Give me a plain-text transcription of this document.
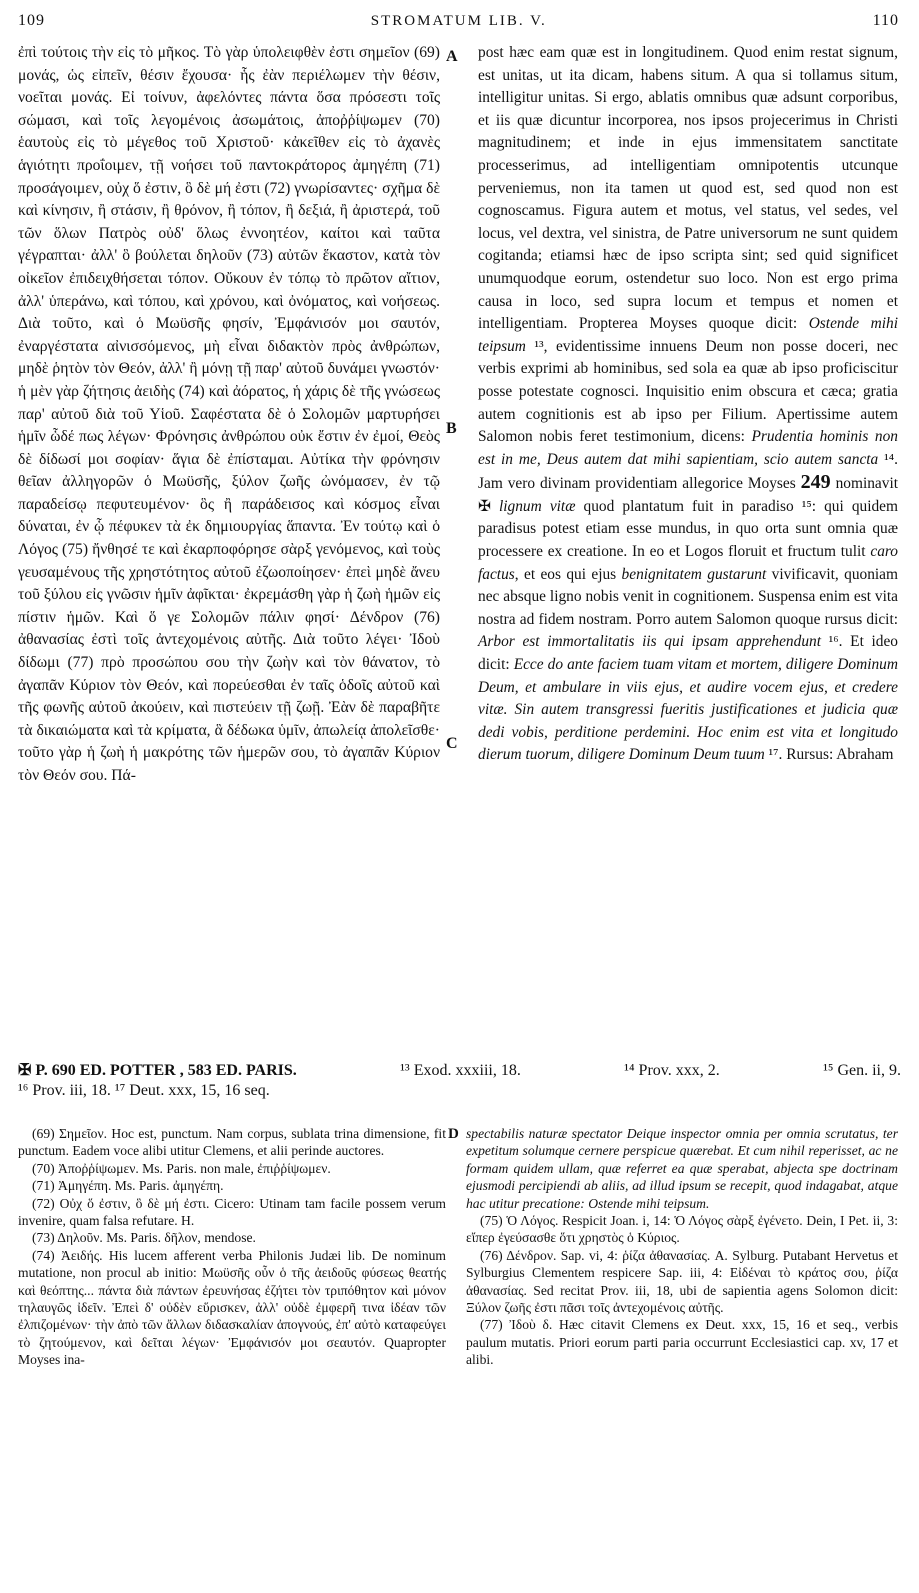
109	STROMATUM LIB. V.	110

ἐπὶ τούτοις τὴν εἰς τὸ μῆκος. Τὸ γὰρ ὑπολειφθὲν ἐστι σημεῖον (69) μονάς, ὡς εἰπεῖν, θέσιν ἔχουσα· ἧς ἐὰν περιέλωμεν τὴν θέσιν, νοεῖται μονάς. Εἰ τοίνυν, ἀφελόντες πάντα ὅσα πρόσεστι τοῖς σώμασι, καὶ τοῖς λεγομένοις ἀσωμάτοις, ἀποῤῥίψωμεν (70) ἑαυτοὺς εἰς τὸ μέγεθος τοῦ Χριστοῦ· κἀκεῖθεν εἰς τὸ ἀχανὲς ἁγιότητι προΐοιμεν, τῇ νοήσει τοῦ παντοκράτορος ἀμηγέπη (71) προσάγοιμεν, οὐχ ὅ ἐστιν, ὃ δὲ μή ἐστι (72) γνωρίσαντες· σχῆμα δὲ καὶ κίνησιν, ἢ στάσιν, ἢ θρόνον, ἢ τόπον, ἢ δεξιά, ἢ ἀριστερά, τοῦ τῶν ὅλων Πατρὸς οὐδ' ὅλως ἐννοητέον, καίτοι καὶ ταῦτα γέγραπται· ἀλλ' ὃ βούλεται δηλοῦν (73) αὐτῶν ἕκαστον, κατὰ τὸν οἰκεῖον ἐπιδειχθήσεται τόπον. Οὔκουν ἐν τόπῳ τὸ πρῶτον αἴτιον, ἀλλ' ὑπεράνω, καὶ τόπου, καὶ χρόνου, καὶ ὀνόματος, καὶ νοήσεως. Διὰ τοῦτο, καὶ ὁ Μωϋσῆς φησίν, Ἐμφάνισόν μοι σαυτόν, ἐναργέστατα αἰνισσόμενος, μὴ εἶναι διδακτὸν πρὸς ἀνθρώπων, μηδὲ ῥητὸν τὸν Θεόν, ἀλλ' ἢ μόνῃ τῇ παρ' αὐτοῦ δυνάμει γνωστόν· ἡ μὲν γὰρ ζήτησις ἀειδὴς (74) καὶ ἀόρατος, ἡ χάρις δὲ τῆς γνώσεως παρ' αὐτοῦ διὰ τοῦ Υἱοῦ. Σαφέστατα δὲ ὁ Σολομῶν μαρτυρήσει ἡμῖν ὧδέ πως λέγων· Φρόνησις ἀνθρώπου οὐκ ἔστιν ἐν ἐμοί, Θεὸς δὲ δίδωσί μοι σοφίαν· ἅγια δὲ ἐπίσταμαι. Αὐτίκα τὴν φρόνησιν θεῖαν ἀλληγορῶν ὁ Μωϋσῆς, ξύλον ζωῆς ὠνόμασεν, ἐν τῷ παραδείσῳ πεφυτευμένον· ὃς ἢ παράδεισος καὶ κόσμος εἶναι δύναται, ἐν ᾧ πέφυκεν τὰ ἐκ δημιουργίας ἅπαντα. Ἐν τούτῳ καὶ ὁ Λόγος (75) ἤνθησέ τε καὶ ἐκαρποφόρησε σὰρξ γενόμενος, καὶ τοὺς γευσαμένους τῆς χρηστότητος αὐτοῦ ἐζωοποίησεν· ἐπεὶ μηδὲ ἄνευ τοῦ ξύλου εἰς γνῶσιν ἡμῖν ἀφῖκται· ἐκρεμάσθη γὰρ ἡ ζωὴ ἡμῶν εἰς πίστιν ἡμῶν. Καὶ ὅ γε Σολομῶν πάλιν φησί· Δένδρον (76) ἀθανασίας ἐστὶ τοῖς ἀντεχομένοις αὐτῆς. Διὰ τοῦτο λέγει· Ἰδοὺ δίδωμι (77) πρὸ προσώπου σου τὴν ζωὴν καὶ τὸν θάνατον, τὸ ἀγαπᾶν Κύριον τὸν Θεόν, καὶ πορεύεσθαι ἐν ταῖς ὁδοῖς αὐτοῦ καὶ τῆς φωνῆς αὐτοῦ ἀκούειν, καὶ πιστεύειν τῇ ζωῇ. Ἐὰν δὲ παραβῆτε τὰ δικαιώματα καὶ τὰ κρίματα, ἃ δέδωκα ὑμῖν, ἀπωλείᾳ ἀπολεῖσθε· τοῦτο γὰρ ἡ ζωὴ ἡ μακρότης τῶν ἡμερῶν σου, τὸ ἀγαπᾶν Κύριον τὸν Θεόν σου. Πά-

A
B
C

post hæc eam quæ est in longitudinem. Quod enim restat signum, est unitas, ut ita dicam, habens situm. A qua si tollamus situm, intelligitur unitas. Si ergo, ablatis omnibus quæ adsunt corporibus, et iis quæ dicuntur incorporea, nos ipsos projecerimus in Christi magnitudinem; et inde in ejus immensitatem sanctitate processerimus, ad intelligentiam omnipotentis utcunque perveniemus, non ita tamen ut quod est, sed quod non est cognoscamus. Figura autem et motus, vel status, vel sedes, vel locus, vel dextra, vel sinistra, de Patre universorum ne sunt quidem cogitanda; etiamsi hæc de ipso scripta sint; sed quid significet unumquodque eorum, ostendetur suo loco. Non est ergo prima causa in loco, sed supra locum et tempus et nomen et intelligentiam. Propterea Moyses quoque dicit: Ostende mihi teipsum ¹³, evidentissime innuens Deum non posse doceri, nec verbis exprimi ab hominibus, sed sola ea quæ ab ipso proficiscitur posse potestate cognosci. Inquisitio enim obscura et cæca; gratia autem cognitionis est ab ipso per Filium. Apertissime autem Salomon nobis feret testimonium, dicens: Prudentia hominis non est in me, Deus autem dat mihi sapientiam, scio autem sancta ¹⁴. Jam vero divinam providentiam allegorice Moyses 249 nominavit ✠ lignum vitæ quod plantatum fuit in paradiso ¹⁵: qui quidem paradisus potest etiam esse mundus, in quo orta sunt omnia quæ processere ex creatione. In eo et Logos floruit et fructum tulit caro factus, et eos qui ejus benignitatem gustarunt vivificavit, quoniam nec absque ligno nobis venit in cognitionem. Suspensa enim est vita nostra ad fidem nostram. Porro autem Salomon quoque rursus dicit: Arbor est immortalitatis iis qui ipsam apprehendunt ¹⁶. Et ideo dicit: Ecce do ante faciem tuam vitam et mortem, diligere Dominum Deum, et ambulare in viis ejus, et audire vocem ejus, et credere vitæ. Sin autem transgressi fueritis justificationes et judicia quæ dedi vobis, perditione perdemini. Hoc enim est vita et longitudo dierum tuorum, diligere Dominum Deum tuum ¹⁷. Rursus: Abraham

✠ P. 690 ED. POTTER , 583 ED. PARIS.	¹³ Exod. xxxiii, 18.	¹⁴ Prov. xxx, 2.	¹⁵ Gen. ii, 9.
¹⁶ Prov. iii, 18. ¹⁷ Deut. xxx, 15, 16 seq.

(69) Σημεῖον. Hoc est, punctum. Nam corpus, sublata trina dimensione, fit punctum. Eadem voce alibi utitur Clemens, et alii perinde auctores.

(70) Ἀποῤῥίψωμεν. Ms. Paris. non male, ἐπιῤῥίψωμεν.

(71) Ἀμηγέπη. Ms. Paris. ἀμηγέπη.

(72) Οὐχ ὅ ἐστιν, ὃ δὲ μή ἐστι. Cicero: Utinam tam facile possem verum invenire, quam falsa refutare. H.

(73) Δηλοῦν. Ms. Paris. δῆλον, mendose.

(74) Ἀειδής. His lucem afferent verba Philonis Judæi lib. De nominum mutatione, non procul ab initio: Μωϋσῆς οὖν ὁ τῆς ἀειδοῦς φύσεως θεατής καὶ θεόπτης... πάντα διὰ πάντων ἐρευνήσας ἐζήτει τὸν τριπόθητον καὶ μόνον τηλαυγῶς ἰδεῖν. Ἐπεὶ δ' οὐδὲν εὕρισκεν, ἀλλ' οὐδὲ ἐμφερῆ τινα ἰδέαν τῶν ἐλπιζομένων· τὴν ἀπὸ τῶν ἄλλων διδασκαλίαν ἀπογνούς, ἐπ' αὐτὸ καταφεύγει τὸ ζητούμενον, καὶ δεῖται λέγων· Ἐμφάνισόν μοι σεαυτόν. Quapropter Moyses ina-

D spectabilis naturæ spectator Deique inspector omnia per omnia scrutatus, ter expetitum solumque cernere perspicue quærebat. Et cum nihil reperisset, ac ne formam quidem ullam, quæ referret ea quæ sperabat, abjecta spe doctrinam ejusmodi percipiendi ab aliis, ad illud ipsum se recepit, quod indagabat, atque hac utitur precatione: Ostende mihi teipsum.

(75) Ὁ Λόγος. Respicit Joan. i, 14: Ὁ Λόγος σὰρξ ἐγένετο. Dein, I Pet. ii, 3: εἴπερ ἐγεύσασθε ὅτι χρηστὸς ὁ Κύριος.

(76) Δένδρον. Sap. vi, 4: ῥίζα ἀθανασίας. A. Sylburg. Putabant Hervetus et Sylburgius Clementem respicere Sap. iii, 4: Εἰδέναι τὸ κράτος σου, ῥίζα ἀθανασίας. Sed recitat Prov. iii, 18, ubi de sapientia agens Solomon dicit: Ξύλον ζωῆς ἐστι πᾶσι τοῖς ἀντεχομένοις αὐτῆς.

(77) Ἰδοὺ δ. Hæc citavit Clemens ex Deut. xxx, 15, 16 et seq., verbis paulum mutatis. Priori eorum parti paria occurrunt Ecclesiastici cap. xv, 17 et alibi.
